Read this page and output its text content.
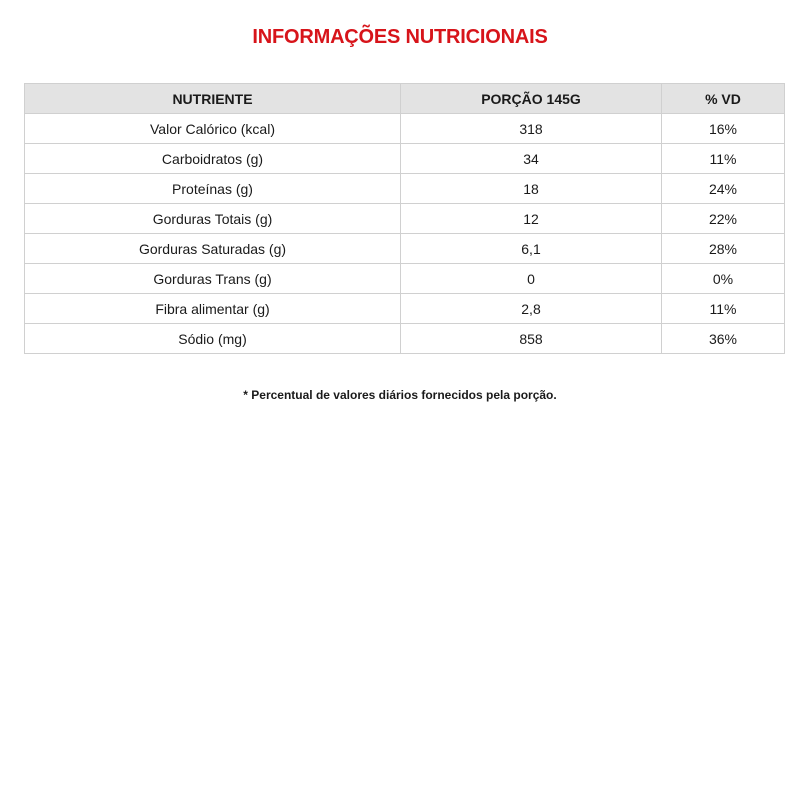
INFORMAÇÕES NUTRICIONAIS
NUTRIENTE	PORÇÃO 145G	% VD
Valor Calórico (kcal)	318	16%
Carboidratos (g)	34	11%
Proteínas (g)	18	24%
Gorduras Totais (g)	12	22%
Gorduras Saturadas (g)	6,1	28%
Gorduras Trans (g)	0	0%
Fibra alimentar (g)	2,8	11%
Sódio (mg)	858	36%
* Percentual de valores diários fornecidos pela porção.
